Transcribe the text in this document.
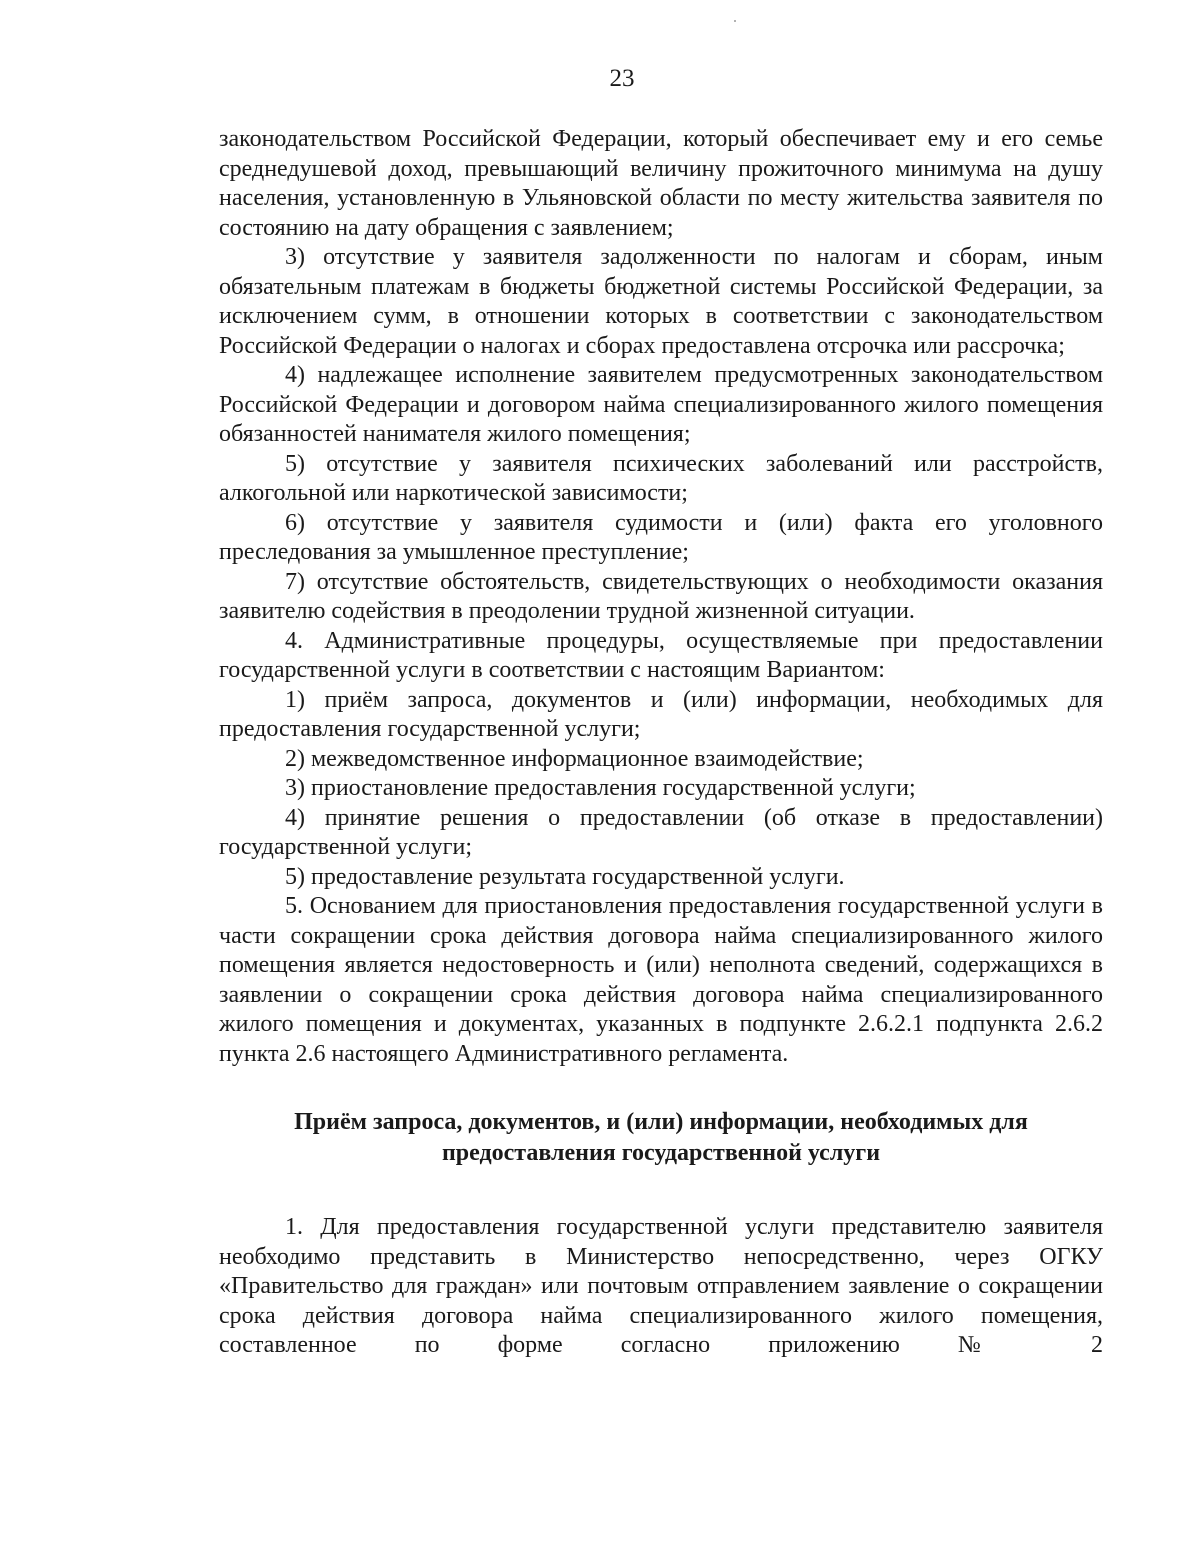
23

законодательством Российской Федерации, который обеспечивает ему и его семье среднедушевой доход, превышающий величину прожиточного минимума на душу населения, установленную в Ульяновской области по месту жительства заявителя по состоянию на дату обращения с заявлением;

3) отсутствие у заявителя задолженности по налогам и сборам, иным обязательным платежам в бюджеты бюджетной системы Российской Федерации, за исключением сумм, в отношении которых в соответствии с законодательством Российской Федерации о налогах и сборах предоставлена отсрочка или рассрочка;

4) надлежащее исполнение заявителем предусмотренных законодательством Российской Федерации и договором найма специализированного жилого помещения обязанностей нанимателя жилого помещения;

5) отсутствие у заявителя психических заболеваний или расстройств, алкогольной или наркотической зависимости;

6) отсутствие у заявителя судимости и (или) факта его уголовного преследования за умышленное преступление;

7) отсутствие обстоятельств, свидетельствующих о необходимости оказания заявителю содействия в преодолении трудной жизненной ситуации.

4. Административные процедуры, осуществляемые при предоставлении государственной услуги в соответствии с настоящим Вариантом:

1) приём запроса, документов и (или) информации, необходимых для предоставления государственной услуги;

2) межведомственное информационное взаимодействие;

3) приостановление предоставления государственной услуги;

4) принятие решения о предоставлении (об отказе в предоставлении) государственной услуги;

5) предоставление результата государственной услуги.

5. Основанием для приостановления предоставления государственной услуги в части сокращении срока действия договора найма специализированного жилого помещения является недостоверность и (или) неполнота сведений, содержащихся в заявлении о сокращении срока действия договора найма специализированного жилого помещения и документах, указанных в подпункте 2.6.2.1 подпункта 2.6.2 пункта 2.6 настоящего Административного регламента.

Приём запроса, документов, и (или) информации, необходимых для
предоставления государственной услуги

1. Для предоставления государственной услуги представителю заявителя необходимо представить в Министерство непосредственно, через ОГКУ «Правительство для граждан» или почтовым отправлением заявление о сокращении срока действия договора найма специализированного жилого помещения, составленное по форме согласно приложению № 2
